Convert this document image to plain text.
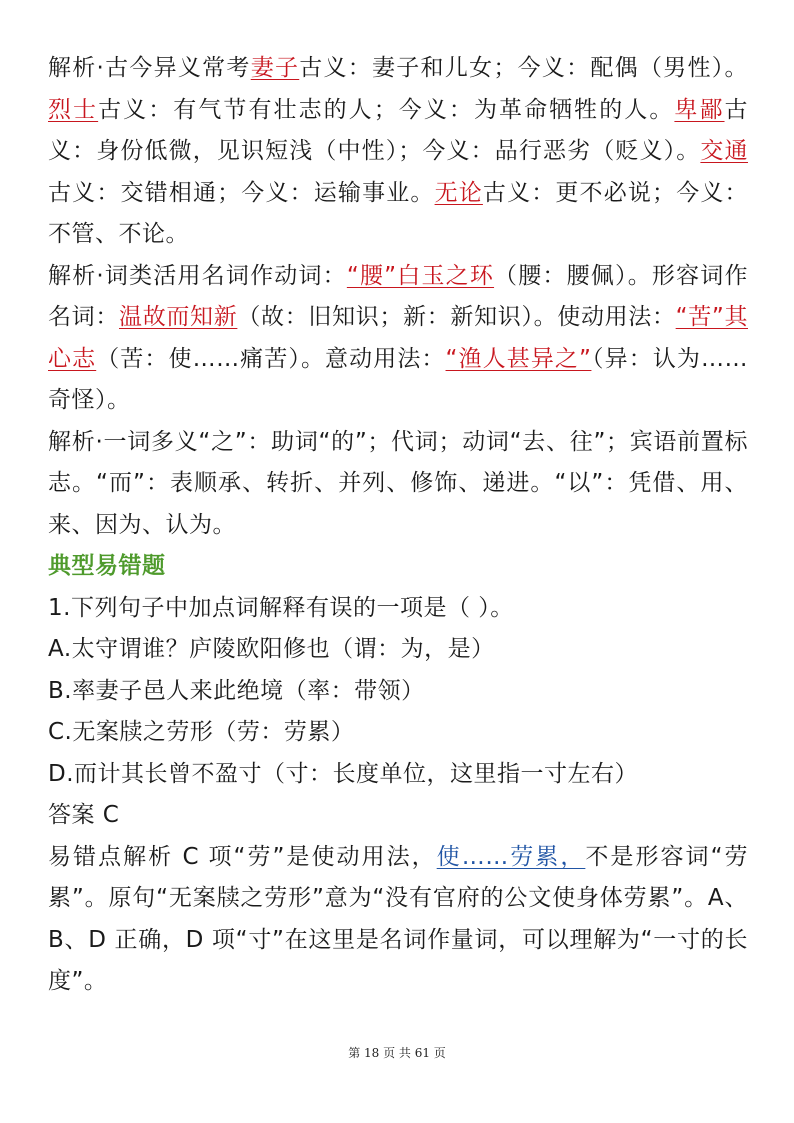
解析·古今异义常考妻子古义：妻子和儿女；今义：配偶（男性）。烈士古义：有气节有壮志的人；今义：为革命牺牲的人。卑鄙古义：身份低微，见识短浅（中性）；今义：品行恶劣（贬义）。交通古义：交错相通；今义：运输事业。无论古义：更不必说；今义：不管、不论。

解析·词类活用名词作动词：“腰”白玉之环（腰：腰佩）。形容词作名词：温故而知新（故：旧知识；新：新知识）。使动用法：“苦”其心志（苦：使……痛苦）。意动用法：“渔人甚异之”（异：认为……奇怪）。

解析·一词多义“之”：助词“的”；代词；动词“去、往”；宾语前置标志。“而”：表顺承、转折、并列、修饰、递进。“以”：凭借、用、来、因为、认为。

典型易错题

1.下列句子中加点词解释有误的一项是（ ）。

A.太守谓谁？庐陵欧阳修也（谓：为，是）

B.率妻子邑人来此绝境（率：带领）

C.无案牍之劳形（劳：劳累）

D.而计其长曾不盈寸（寸：长度单位，这里指一寸左右）

答案 C

易错点解析 C 项“劳”是使动用法，使……劳累，不是形容词“劳累”。原句“无案牍之劳形”意为“没有官府的公文使身体劳累”。A、B、D 正确，D 项“寸”在这里是名词作量词，可以理解为“一寸的长度”。

第 18 页 共 61 页
